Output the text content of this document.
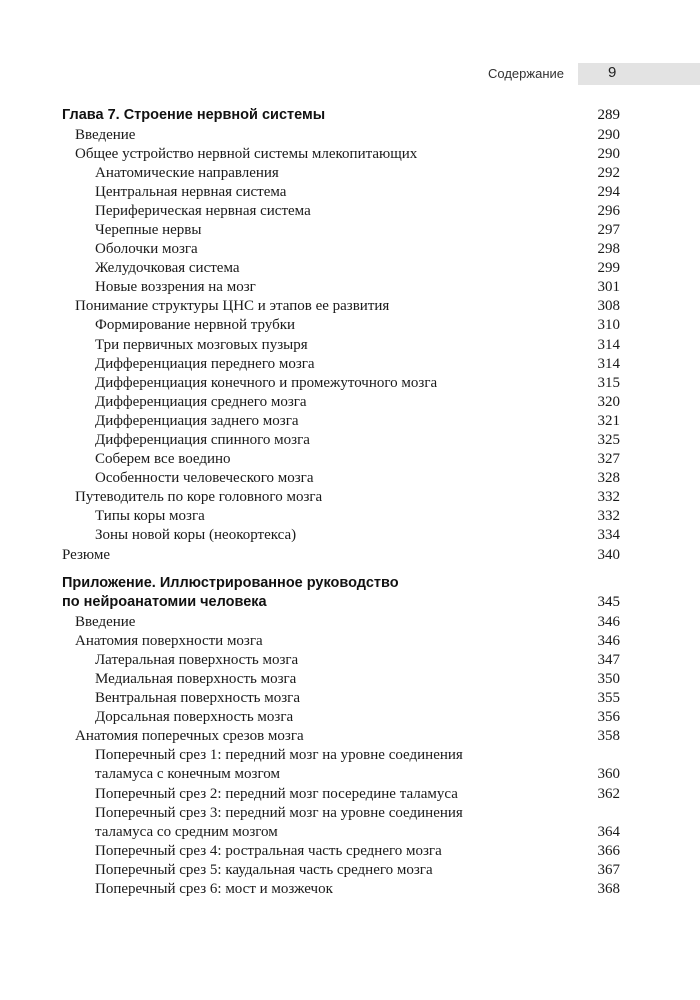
Содержание	9
Глава 7. Строение нервной системы	289
Введение	290
Общее устройство нервной системы млекопитающих	290
Анатомические направления	292
Центральная нервная система	294
Периферическая нервная система	296
Черепные нервы	297
Оболочки мозга	298
Желудочковая система	299
Новые воззрения на мозг	301
Понимание структуры ЦНС и этапов ее развития	308
Формирование нервной трубки	310
Три первичных мозговых пузыря	314
Дифференциация переднего мозга	314
Дифференциация конечного и промежуточного мозга	315
Дифференциация среднего мозга	320
Дифференциация заднего мозга	321
Дифференциация спинного мозга	325
Соберем все воедино	327
Особенности человеческого мозга	328
Путеводитель по коре головного мозга	332
Типы коры мозга	332
Зоны новой коры (неокортекса)	334
Резюме	340
Приложение. Иллюстрированное руководство
по нейроанатомии человека	345
Введение	346
Анатомия поверхности мозга	346
Латеральная поверхность мозга	347
Медиальная поверхность мозга	350
Вентральная поверхность мозга	355
Дорсальная поверхность мозга	356
Анатомия поперечных срезов мозга	358
Поперечный срез 1: передний мозг на уровне соединения
таламуса с конечным мозгом	360
Поперечный срез 2: передний мозг посередине таламуса	362
Поперечный срез 3: передний мозг на уровне соединения
таламуса со средним мозгом	364
Поперечный срез 4: ростральная часть среднего мозга	366
Поперечный срез 5: каудальная часть среднего мозга	367
Поперечный срез 6: мост и мозжечок	368
